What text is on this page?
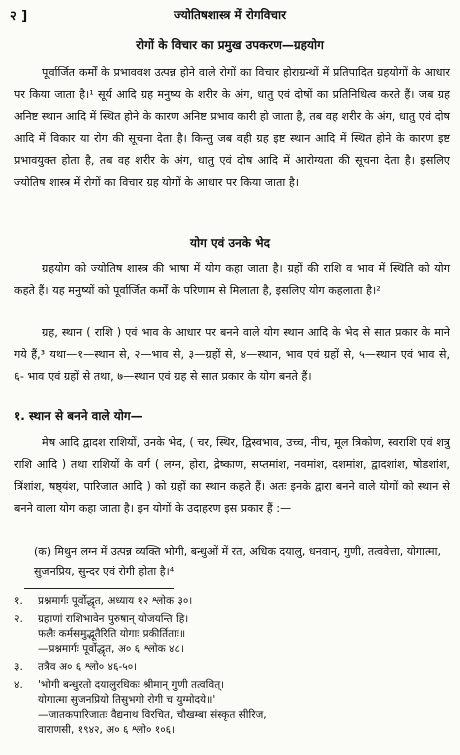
२ ]	ज्योतिषशास्त्र में रोगविचार
रोगों के विचार का प्रमुख उपकरण—ग्रहयोग
पूर्वार्जित कर्मों के प्रभाववश उत्पन्न होने वाले रोगों का विचार होराग्रन्थों में प्रतिपादित ग्रहयोगों के आधार पर किया जाता है।¹ सूर्य आदि ग्रह मनुष्य के शरीर के अंग, धातु एवं दोषों का प्रतिनिधित्व करते हैं। जब ग्रह अनिष्ट स्थान आदि में स्थित होने के कारण अनिष्ट प्रभाव कारी हो जाता है, तब वह शरीर के अंग, धातु एवं दोष आदि में विकार या रोग की सूचना देता है। किन्तु जब वही ग्रह इष्ट स्थान आदि में स्थित होने के कारण इष्ट प्रभावयुक्त होता है, तब वह शरीर के अंग, धातु एवं दोष आदि में आरोग्यता की सूचना देता है। इसलिए ज्योतिष शास्त्र में रोगों का विचार ग्रह योगों के आधार पर किया जाता है।
योग एवं उनके भेद
ग्रहयोग को ज्योतिष शास्त्र की भाषा में योग कहा जाता है। ग्रहों की राशि व भाव में स्थिति को योग कहते हैं। यह मनुष्यों को पूर्वार्जित कर्मों के परिणाम से मिलाता है, इसलिए योग कहलाता है।²
ग्रह, स्थान ( राशि ) एवं भाव के आधार पर बनने वाले योग स्थान आदि के भेद से सात प्रकार के माने गये हैं,³ यथा—१—स्थान से, २—भाव से, ३—ग्रहों से, ४—स्थान, भाव एवं ग्रहों से, ५—स्थान एवं भाव से, ६- भाव एवं ग्रहों से तथा, ७—स्थान एवं ग्रह से सात प्रकार के योग बनते हैं।
१. स्थान से बनने वाले योग—
मेष आदि द्वादश राशियों, उनके भेद, ( चर, स्थिर, द्विस्वभाव, उच्च, नीच, मूल त्रिकोण, स्वराशि एवं शत्रु राशि आदि ) तथा राशियों के वर्ग ( लग्न, होरा, द्रेष्काण, सप्तमांश, नवमांश, दशमांश, द्वादशांश, षोडशांश, त्रिंशांश, षष्ठ्यंश, पारिजात आदि ) को ग्रहों का स्थान कहते हैं। अतः इनके द्वारा बनने वाले योगों को स्थान से बनने वाला योग कहा जाता है। इन योगों के उदाहरण इस प्रकार हैं :—
(क) मिथुन लग्न में उत्पन्न व्यक्ति भोगी, बन्धुओं में रत, अधिक दयालु, धनवान्, गुणी, तत्ववेत्ता, योगात्मा, सुजनप्रिय, सुन्दर एवं रोगी होता है।⁴
१. प्रश्नमार्गः पूर्वोद्धृत, अध्याय १२ श्लोक ३०।
२. ग्रहाणां राशिभावेन पुरुषान् योजयन्ति हि।
फलैः कर्मसमुद्भूतैरिति योगाः प्रकीर्तिताः॥
—प्रश्नमार्गः पूर्वोद्धृत, अ० ६ श्लोक ४८।
३. तत्रैव अ० ६ श्लो० ४६-५०।
४. 'भोगी बन्धुरतो दयालुरधिकः श्रीमान् गुणी तत्ववित्।
योगात्मा सुजनप्रियो तिसुभगो रोगी च युग्मोदये॥'
—जातकपारिजातः वैद्यनाथ विरचित, चौखम्बा संस्कृत सीरिज,
वाराणसी, १९४२, अ० ६ श्लो० १०६।
